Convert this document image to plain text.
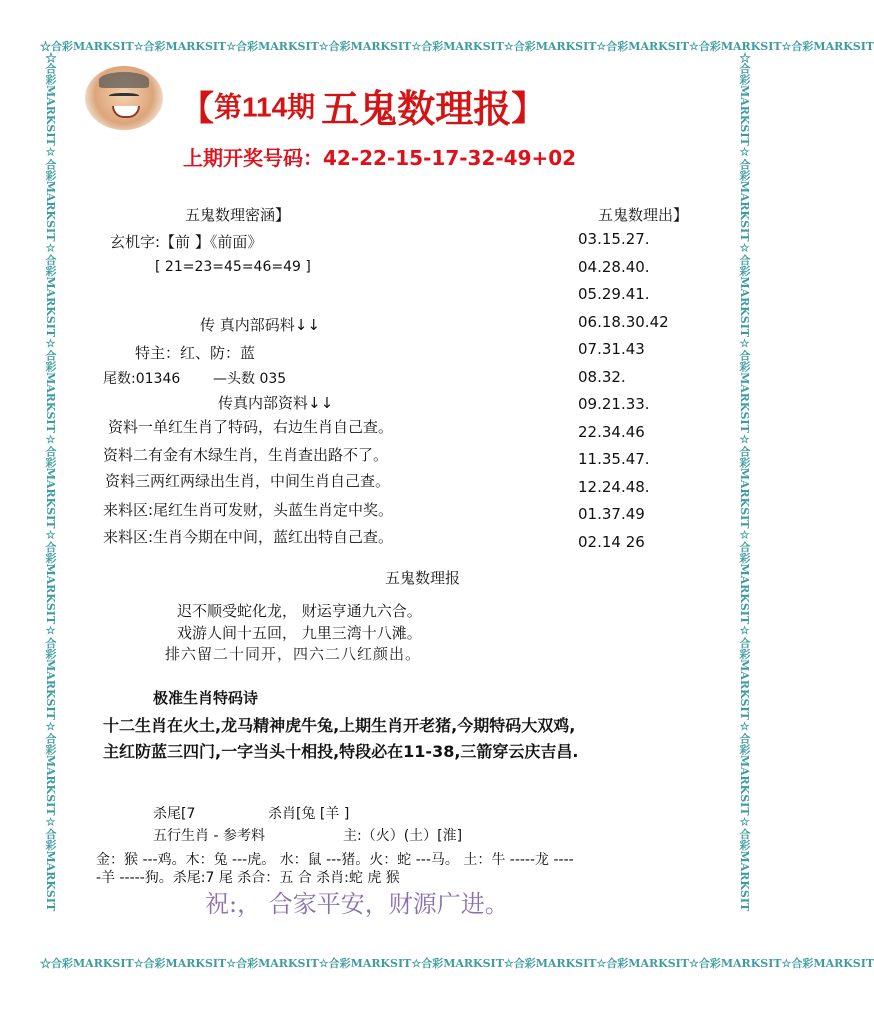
☆合彩MARKSIT☆合彩MARKSIT☆合彩MARKSIT☆合彩MARKSIT☆合彩MARKSIT☆合彩MARKSIT☆合彩MARKSIT☆合彩MARKSIT☆合彩MARKSIT
☆合彩MARKSIT☆合彩MARKSIT☆合彩MARKSIT☆合彩MARKSIT☆合彩MARKSIT☆合彩MARKSIT☆合彩MARKSIT☆合彩MARKSIT☆合彩MARKSIT
☆合彩MARKSIT☆合彩MARKSIT☆合彩MARKSIT☆合彩MARKSIT☆合彩MARKSIT☆合彩MARKSIT☆合彩MARKSIT☆合彩MARKSIT☆合彩MARKSIT	☆合彩MARKSIT☆合彩MARKSIT☆合彩MARKSIT☆合彩MARKSIT☆合彩MARKSIT☆合彩MARKSIT☆合彩MARKSIT☆合彩MARKSIT☆合彩MARKSIT
【第114期 五鬼数理报】
上期开奖号码：42-22-15-17-32-49+02
五鬼数理密涵】
玄机字:【前 】《前面》
[ 21=23=45=46=49 ]
传 真内部码料↓↓
特主：红、防：蓝
尾数:01346 —头数 035
传真内部资料↓↓
资料一单红生肖了特码，右边生肖自己查。
资料二有金有木绿生肖，生肖查出路不了。
资料三两红两绿出生肖，中间生肖自己查。
来料区:尾红生肖可发财，头蓝生肖定中奖。
来料区:生肖今期在中间，蓝红出特自己查。
五鬼数理出】
03.15.27.
04.28.40.
05.29.41.
06.18.30.42
07.31.43
08.32.
09.21.33.
22.34.46
11.35.47.
12.24.48.
01.37.49
02.14 26
五鬼数理报
迟不顺受蛇化龙， 财运亨通九六合。
戏游人间十五回， 九里三湾十八滩。
排六留二十同开，四六二八红颜出。
极准生肖特码诗
十二生肖在火土,龙马精神虎牛兔,上期生肖开老猪,今期特码大双鸡,
主红防蓝三四门,一字当头十相投,特段必在11-38,三箭穿云庆吉昌.
杀尾[7	杀肖[兔 [羊 ]
五行生肖 - 参考料	主:（火）(土）[淮]
金：猴 ---鸡。木：兔 ---虎。 水：鼠 ---猪。火：蛇 ---马。 土：牛 -----龙 ----
-羊 -----狗。杀尾:7 尾 杀合：五 合 杀肖:蛇 虎 猴
祝:， 合家平安，财源广进。
